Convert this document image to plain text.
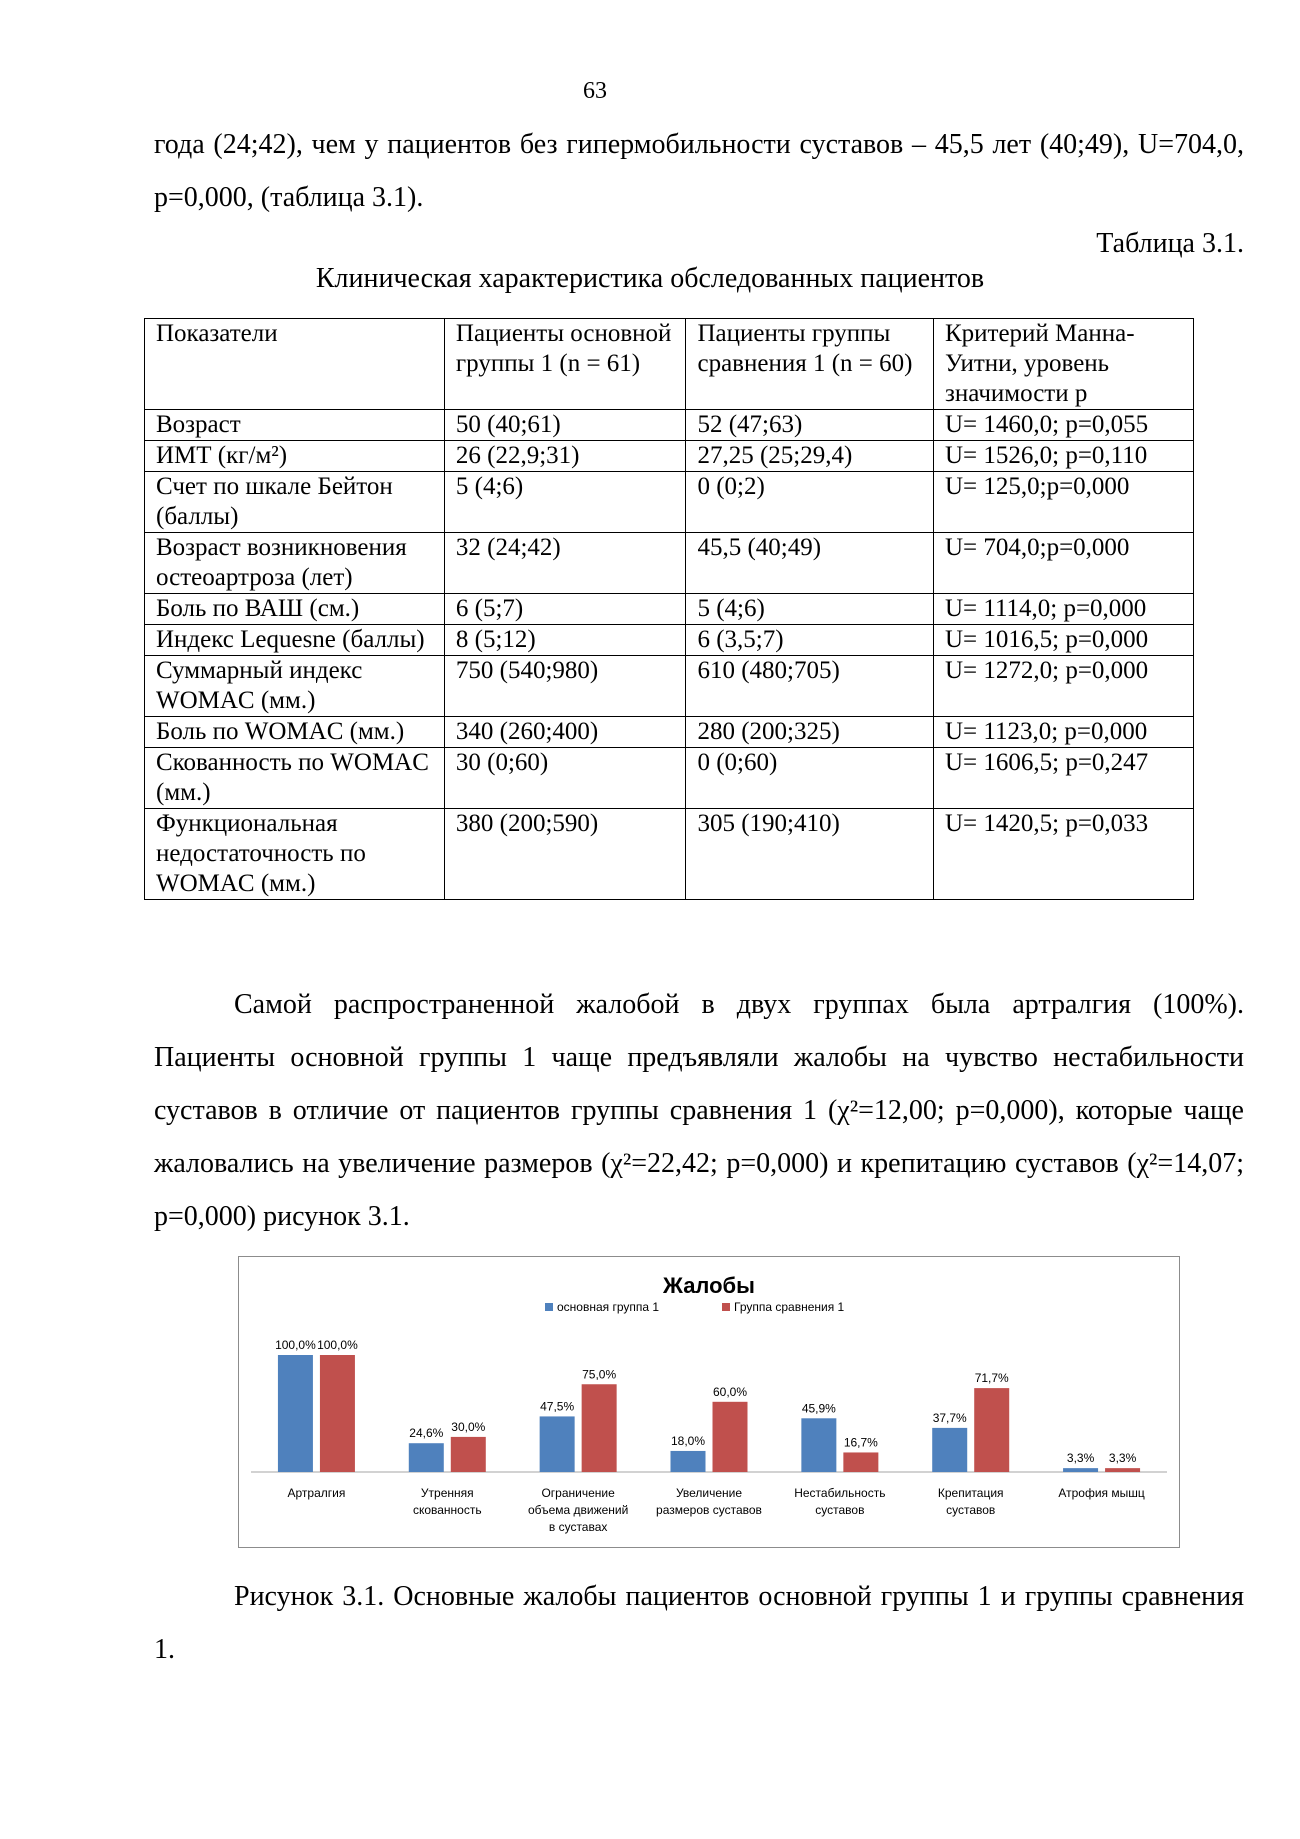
63

года (24;42), чем у пациентов без гипермобильности суставов – 45,5 лет (40;49), U=704,0, p=0,000, (таблица 3.1).

Таблица 3.1.
Клиническая характеристика обследованных пациентов
Показатели	Пациенты основной группы 1 (n = 61)	Пациенты группы сравнения 1 (n = 60)	Критерий Манна-Уитни, уровень значимости p
Возраст	50 (40;61)	52 (47;63)	U= 1460,0; p=0,055
ИМТ (кг/м²)	26 (22,9;31)	27,25 (25;29,4)	U= 1526,0; p=0,110
Счет по шкале Бейтон (баллы)	5 (4;6)	0 (0;2)	U= 125,0;p=0,000
Возраст возникновения остеоартроза (лет)	32 (24;42)	45,5 (40;49)	U= 704,0;p=0,000
Боль по ВАШ (см.)	6 (5;7)	5 (4;6)	U= 1114,0; p=0,000
Индекс Lequesne (баллы)	8 (5;12)	6 (3,5;7)	U= 1016,5; p=0,000
Суммарный индекс WOMAC (мм.)	750 (540;980)	610 (480;705)	U= 1272,0; p=0,000
Боль по WOMAC (мм.)	340 (260;400)	280 (200;325)	U= 1123,0; p=0,000
Скованность по WOMAC (мм.)	30 (0;60)	0 (0;60)	U= 1606,5; p=0,247
Функциональная недостаточность по WOMAC (мм.)	380 (200;590)	305 (190;410)	U= 1420,5; p=0,033

Самой распространенной жалобой в двух группах была артралгия (100%). Пациенты основной группы 1 чаще предъявляли жалобы на чувство нестабильности суставов в отличие от пациентов группы сравнения 1 (χ²=12,00; p=0,000), которые чаще жаловались на увеличение размеров (χ²=22,42; p=0,000) и крепитацию суставов (χ²=14,07; p=0,000) рисунок 3.1.

Жалобы
основная группа 1	Группа сравнения 1
100,0% 100,0%
Артралгия
24,6% 30,0%
Утренняя
скованность
47,5%
75,0%
Ограничение
объема движений
в суставах
18,0%
60,0%
Увеличение
размеров суставов
45,9%
16,7%
Нестабильность
суставов
37,7%
71,7%
Крепитация
суставов
3,3% 3,3%
Атрофия мышц

Рисунок 3.1. Основные жалобы пациентов основной группы 1 и группы сравнения 1.
